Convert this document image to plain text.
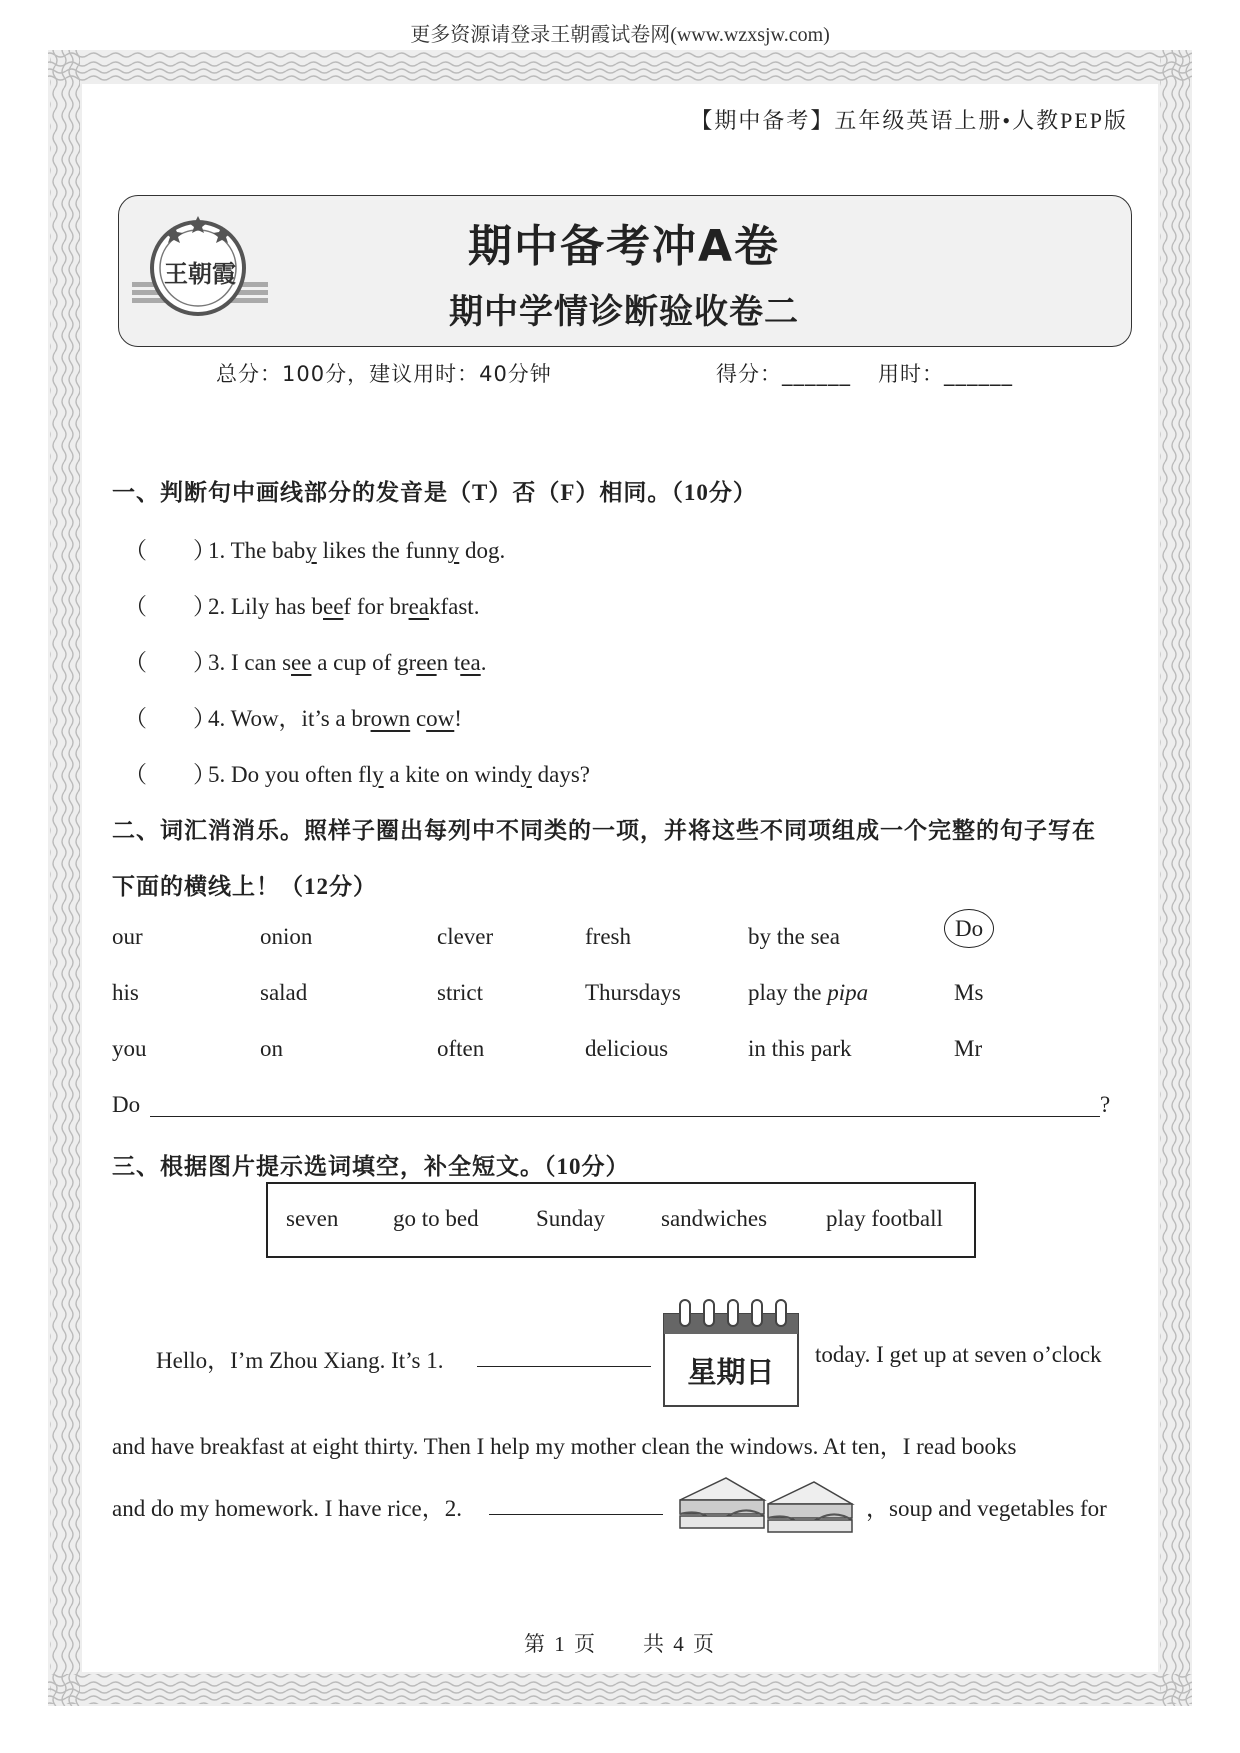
更多资源请登录王朝霞试卷网(www.wzxsjw.com)
【期中备考】五年级英语上册•人教PEP版
王朝霞
期中备考冲A卷
期中学情诊断验收卷二
总分：100分，建议用时：40分钟	得分：______ 用时：______
一、判断句中画线部分的发音是（T）否（F）相同。（10分）
（　　）1. The baby likes the funny dog.
（　　）2. Lily has beef for breakfast.
（　　）3. I can see a cup of green tea.
（　　）4. Wow，it’s a brown cow!
（　　）5. Do you often fly a kite on windy days?
二、词汇消消乐。照样子圈出每列中不同类的一项，并将这些不同项组成一个完整的句子写在
下面的横线上！（12分）
our	onion	clever	fresh	by the sea	Do
his	salad	strict	Thursdays	play the pipa	Ms
you	on	often	delicious	in this park	Mr
Do	?
三、根据图片提示选词填空，补全短文。（10分）
seven go to bed Sunday sandwiches	play football
星期日
Hello，I’m Zhou Xiang. It’s 1.	today. I get up at seven o’clock
and have breakfast at eight thirty. Then I help my mother clean the windows. At ten，I read books
and do my homework. I have rice，2.	，soup and vegetables for
第 1 页　　共 4 页
